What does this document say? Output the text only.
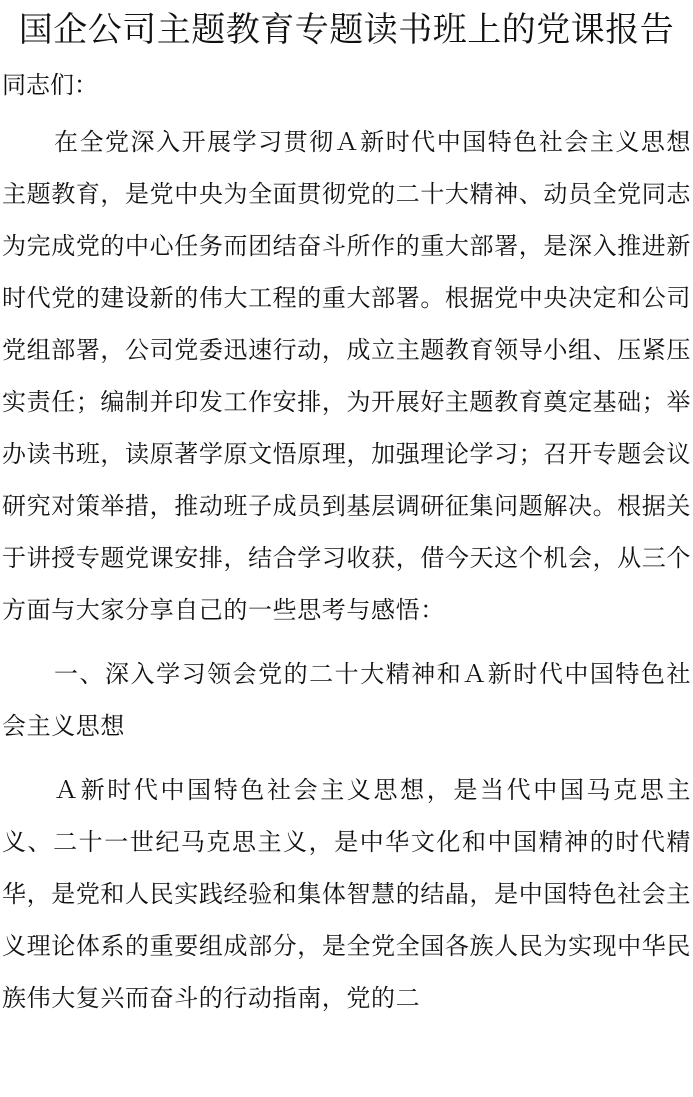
国企公司主题教育专题读书班上的党课报告
同志们：

在全党深入开展学习贯彻Ａ新时代中国特色社会主义思想主题教育，是党中央为全面贯彻党的二十大精神、动员全党同志为完成党的中心任务而团结奋斗所作的重大部署，是深入推进新时代党的建设新的伟大工程的重大部署。根据党中央决定和公司党组部署，公司党委迅速行动，成立主题教育领导小组、压紧压实责任；编制并印发工作安排，为开展好主题教育奠定基础；举办读书班，读原著学原文悟原理，加强理论学习；召开专题会议研究对策举措，推动班子成员到基层调研征集问题解决。根据关于讲授专题党课安排，结合学习收获，借今天这个机会，从三个方面与大家分享自己的一些思考与感悟：

一、深入学习领会党的二十大精神和Ａ新时代中国特色社会主义思想

Ａ新时代中国特色社会主义思想，是当代中国马克思主义、二十一世纪马克思主义，是中华文化和中国精神的时代精华，是党和人民实践经验和集体智慧的结晶，是中国特色社会主义理论体系的重要组成部分，是全党全国各族人民为实现中华民族伟大复兴而奋斗的行动指南，党的二
